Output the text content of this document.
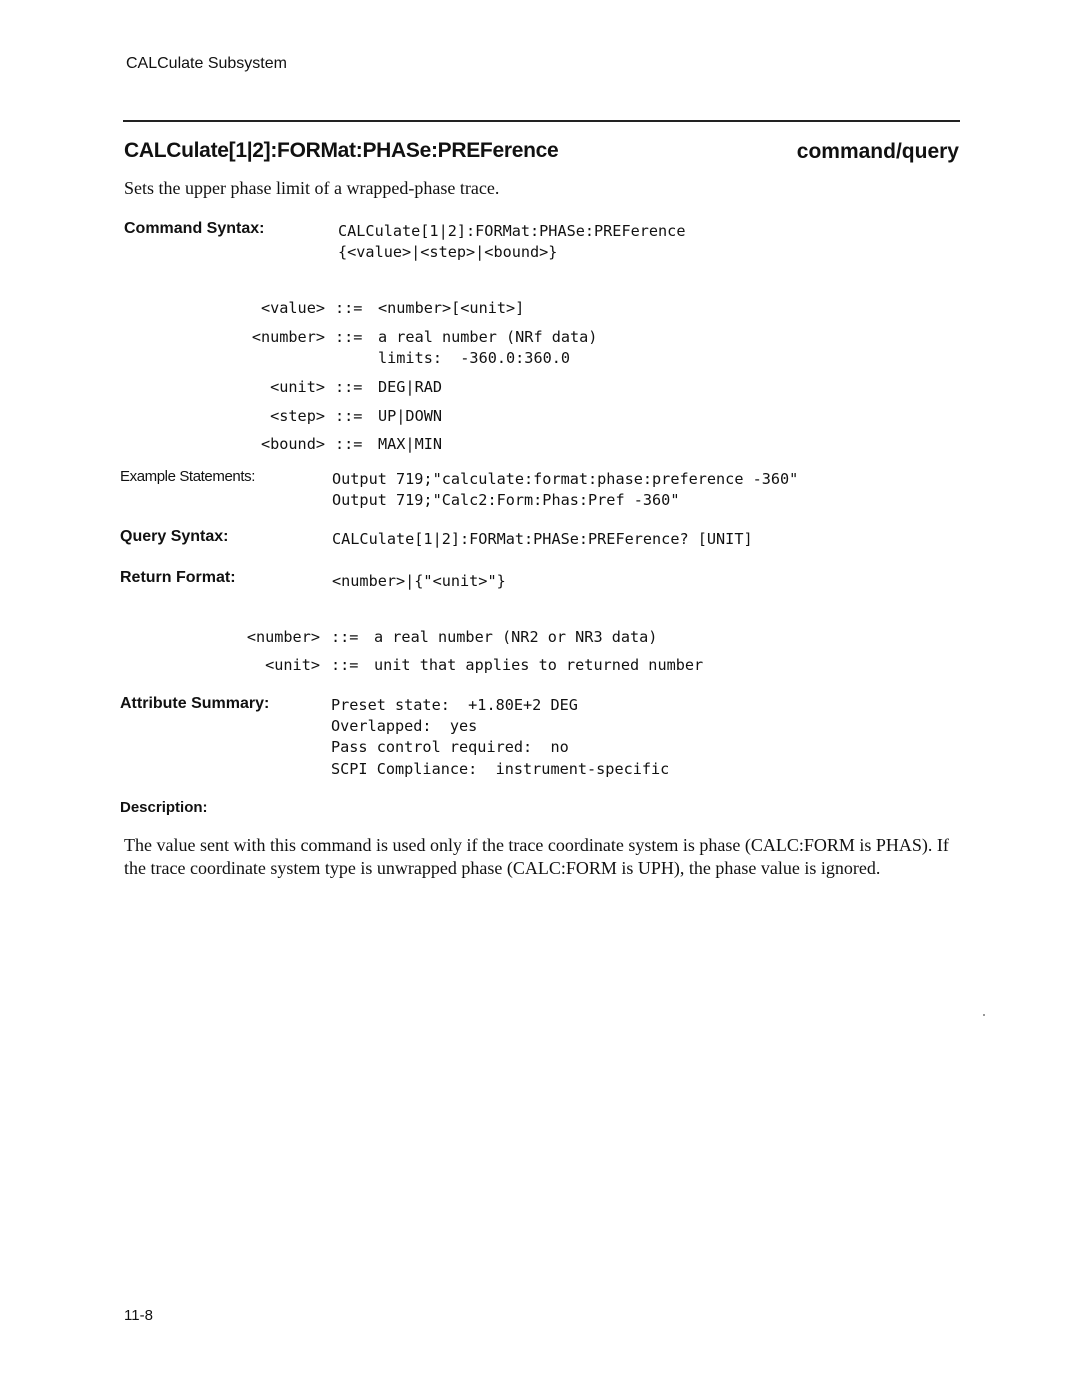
CALCulate Subsystem
CALCulate[1|2]:FORMat:PHASe:PREFerence	command/query
Sets the upper phase limit of a wrapped-phase trace.
Command Syntax:	CALCulate[1|2]:FORMat:PHASe:PREFerence
{<value>|<step>|<bound>}
<value> ::= <number>[<unit>]
<number> ::= a real number (NRf data)
limits:  -360.0:360.0
<unit> ::= DEG|RAD
<step> ::= UP|DOWN
<bound> ::= MAX|MIN
Example Statements:	Output 719;"calculate:format:phase:preference -360"
Output 719;"Calc2:Form:Phas:Pref -360"
Query Syntax:	CALCulate[1|2]:FORMat:PHASe:PREFerence? [UNIT]
Return Format:	<number>|{"<unit>"}
<number> ::= a real number (NR2 or NR3 data)
<unit> ::= unit that applies to returned number
Attribute Summary:	Preset state:  +1.80E+2 DEG
Overlapped:  yes
Pass control required:  no
SCPI Compliance:  instrument-specific
Description:
The value sent with this command is used only if the trace coordinate system is phase (CALC:FORM is PHAS). If the trace coordinate system type is unwrapped phase (CALC:FORM is UPH), the phase value is ignored.
11-8
